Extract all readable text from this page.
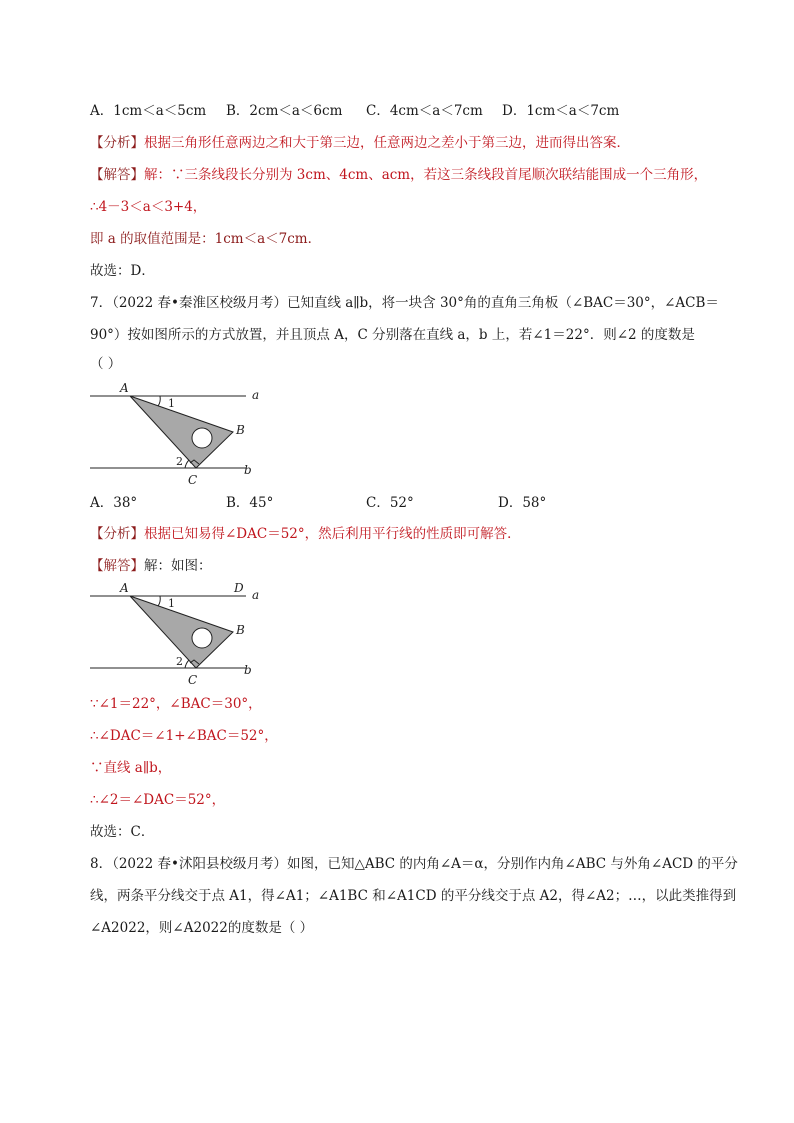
A．1cm＜a＜5cm	B．2cm＜a＜6cm	C．4cm＜a＜7cm	D．1cm＜a＜7cm
【分析】根据三角形任意两边之和大于第三边，任意两边之差小于第三边，进而得出答案．
【解答】解：∵三条线段长分别为 3cm、4cm、acm，若这三条线段首尾顺次联结能围成一个三角形，
∴4－3＜a＜3+4，
即 a 的取值范围是：1cm＜a＜7cm．
故选：D．
7．（2022 春•秦淮区校级月考）已知直线 a∥b，将一块含 30°角的直角三角板（∠BAC＝30°，∠ACB＝
90°）按如图所示的方式放置，并且顶点 A，C 分别落在直线 a，b 上，若∠1＝22°．则∠2 的度数是
（ ）
A
B
C
a
b
1
2
A．38°	B．45°	C．52°	D．58°
【分析】根据已知易得∠DAC＝52°，然后利用平行线的性质即可解答．
【解答】解：如图：
A	D
B
C
a
b
1
2
∵∠1＝22°，∠BAC＝30°，
∴∠DAC＝∠1+∠BAC＝52°，
∵直线 a∥b，
∴∠2＝∠DAC＝52°，
故选：C．
8．（2022 春•沭阳县校级月考）如图，已知△ABC 的内角∠A＝α，分别作内角∠ABC 与外角∠ACD 的平分
线，两条平分线交于点 A1，得∠A1；∠A1BC 和∠A1CD 的平分线交于点 A2，得∠A2；…，以此类推得到
∠A2022，则∠A2022的度数是（ ）
